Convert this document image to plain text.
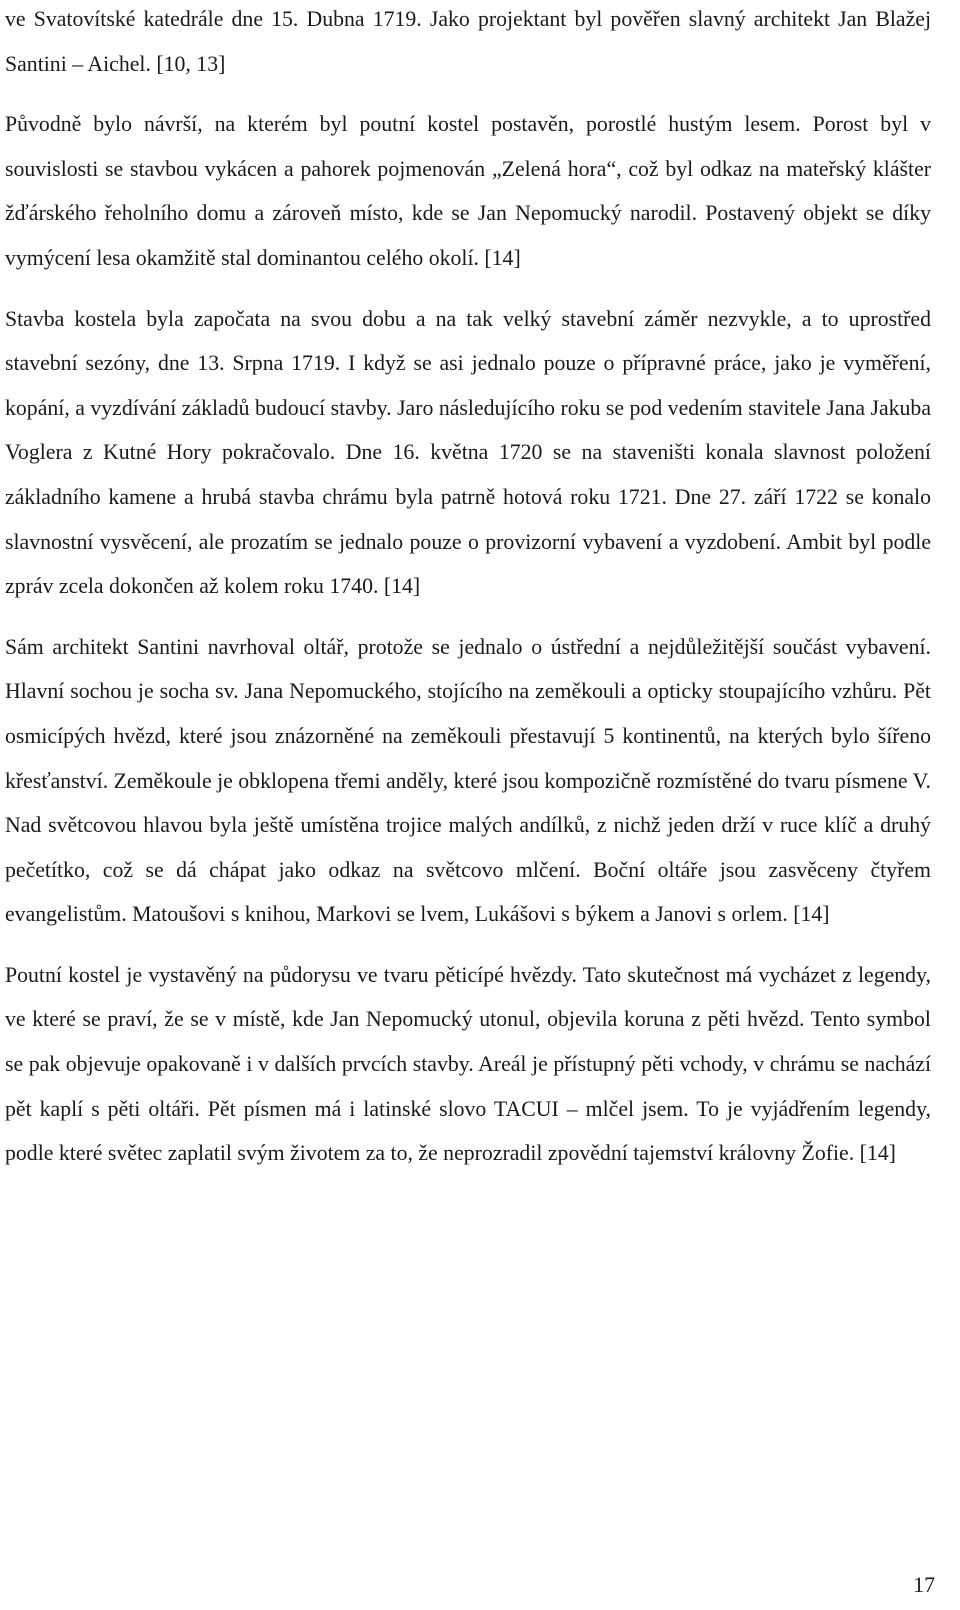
ve Svatovítské katedrále dne 15. Dubna 1719. Jako projektant byl pověřen slavný architekt Jan Blažej Santini – Aichel. [10, 13]

Původně bylo návrší, na kterém byl poutní kostel postavěn, porostlé hustým lesem. Porost byl v souvislosti se stavbou vykácen a pahorek pojmenován „Zelená hora“, což byl odkaz na mateřský klášter žďárského řeholního domu a zároveň místo, kde se Jan Nepomucký narodil. Postavený objekt se díky vymýcení lesa okamžitě stal dominantou celého okolí. [14]

Stavba kostela byla započata na svou dobu a na tak velký stavební záměr nezvykle, a to uprostřed stavební sezóny, dne 13. Srpna 1719. I když se asi jednalo pouze o přípravné práce, jako je vyměření, kopání, a vyzdívání základů budoucí stavby. Jaro následujícího roku se pod vedením stavitele Jana Jakuba Voglera z Kutné Hory pokračovalo. Dne 16. května 1720 se na staveništi konala slavnost položení základního kamene a hrubá stavba chrámu byla patrně hotová roku 1721. Dne 27. září 1722 se konalo slavnostní vysvěcení, ale prozatím se jednalo pouze o provizorní vybavení a vyzdobení. Ambit byl podle zpráv zcela dokončen až kolem roku 1740. [14]

Sám architekt Santini navrhoval oltář, protože se jednalo o ústřední a nejdůležitější součást vybavení. Hlavní sochou je socha sv. Jana Nepomuckého, stojícího na zeměkouli a opticky stoupajícího vzhůru. Pět osmicípých hvězd, které jsou znázorněné na zeměkouli přestavují 5 kontinentů, na kterých bylo šířeno křesťanství. Zeměkoule je obklopena třemi anděly, které jsou kompozičně rozmístěné do tvaru písmene V. Nad světcovou hlavou byla ještě umístěna trojice malých andílků, z nichž jeden drží v ruce klíč a druhý pečetítko, což se dá chápat jako odkaz na světcovo mlčení. Boční oltáře jsou zasvěceny čtyřem evangelistům. Matoušovi s knihou, Markovi se lvem, Lukášovi s býkem a Janovi s orlem. [14]

Poutní kostel je vystavěný na půdorysu ve tvaru pěticípé hvězdy. Tato skutečnost má vycházet z legendy, ve které se praví, že se v místě, kde Jan Nepomucký utonul, objevila koruna z pěti hvězd. Tento symbol se pak objevuje opakovaně i v dalších prvcích stavby. Areál je přístupný pěti vchody, v chrámu se nachází pět kaplí s pěti oltáři. Pět písmen má i latinské slovo TACUI – mlčel jsem. To je vyjádřením legendy, podle které světec zaplatil svým životem za to, že neprozradil zpovědní tajemství královny Žofie. [14]

17
